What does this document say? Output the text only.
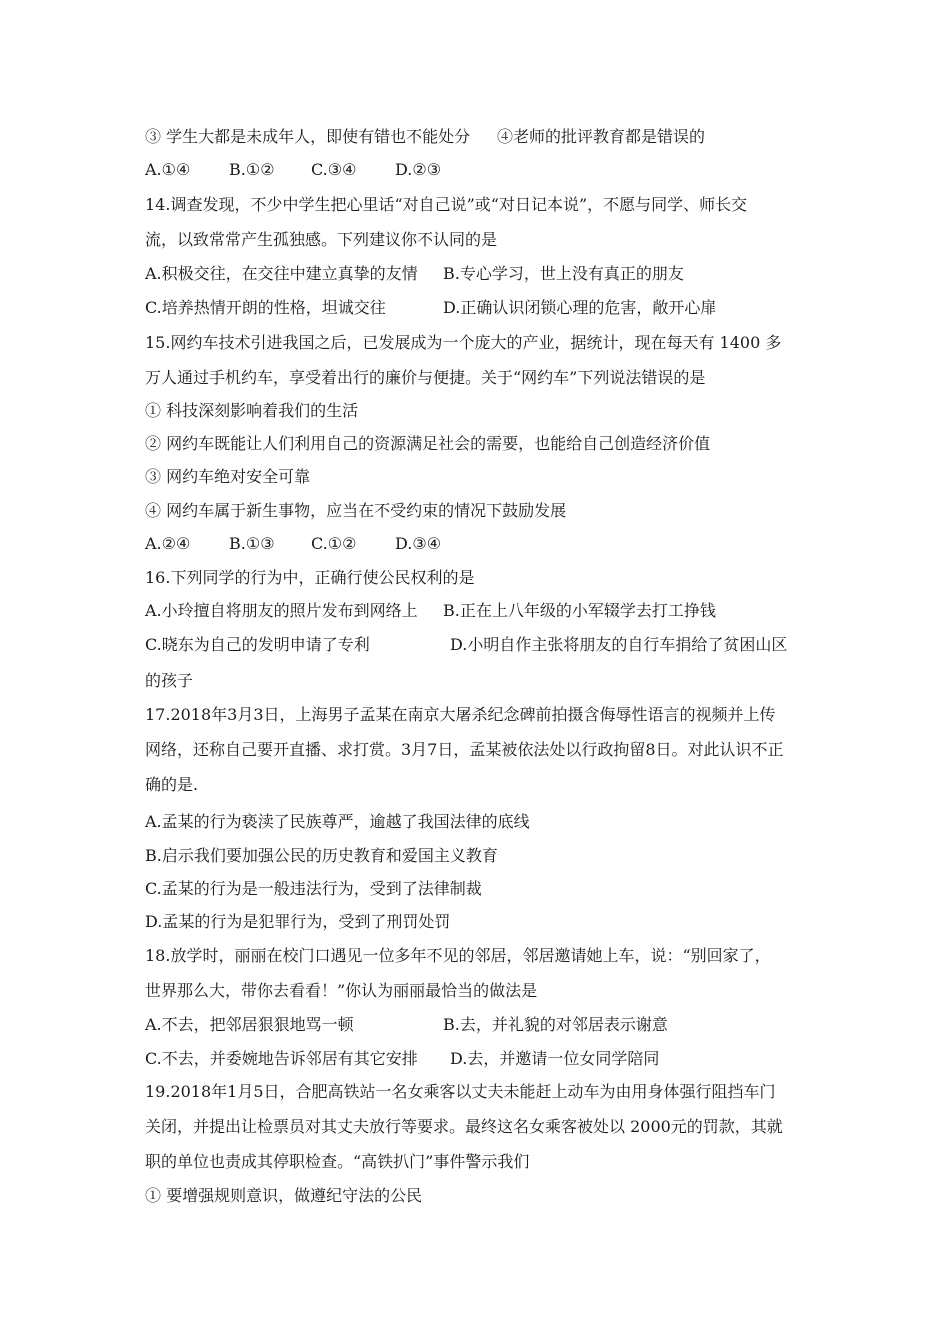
③ 学生大都是未成年人，即使有错也不能处分 ④老师的批评教育都是错误的
A.①④ B.①② C.③④ D.②③
14.调查发现，不少中学生把心里话“对自己说”或“对日记本说”，不愿与同学、师长交
流，以致常常产生孤独感。下列建议你不认同的是
A.积极交往，在交往中建立真挚的友情 B.专心学习，世上没有真正的朋友
C.培养热情开朗的性格，坦诚交往	D.正确认识闭锁心理的危害，敞开心扉
15.网约车技术引进我国之后，已发展成为一个庞大的产业，据统计，现在每天有 1400 多
万人通过手机约车，享受着出行的廉价与便捷。关于“网约车”下列说法错误的是
① 科技深刻影响着我们的生活
② 网约车既能让人们利用自己的资源满足社会的需要，也能给自己创造经济价值
③ 网约车绝对安全可靠
④ 网约车属于新生事物，应当在不受约束的情况下鼓励发展
A.②④ B.①③ C.①② D.③④
16.下列同学的行为中，正确行使公民权利的是
A.小玲擅自将朋友的照片发布到网络上 B.正在上八年级的小军辍学去打工挣钱
C.晓东为自己的发明申请了专利	D.小明自作主张将朋友的自行车捐给了贫困山区
的孩子
17.2018年3月3日，上海男子孟某在南京大屠杀纪念碑前拍摄含侮辱性语言的视频并上传
网络，还称自己要开直播、求打赏。3月7日，孟某被依法处以行政拘留8日。对此认识不正
确的是.
A.孟某的行为亵渎了民族尊严，逾越了我国法律的底线
B.启示我们要加强公民的历史教育和爱国主义教育
C.孟某的行为是一般违法行为，受到了法律制裁
D.孟某的行为是犯罪行为，受到了刑罚处罚
18.放学时，丽丽在校门口遇见一位多年不见的邻居，邻居邀请她上车，说：“别回家了，
世界那么大，带你去看看！”你认为丽丽最恰当的做法是
A.不去，把邻居狠狠地骂一顿	B.去，并礼貌的对邻居表示谢意
C.不去，并委婉地告诉邻居有其它安排 D.去，并邀请一位女同学陪同
19.2018年1月5日，合肥高铁站一名女乘客以丈夫未能赶上动车为由用身体强行阻挡车门
关闭，并提出让检票员对其丈夫放行等要求。最终这名女乘客被处以 2000元的罚款，其就
职的单位也责成其停职检查。“高铁扒门”事件警示我们
① 要增强规则意识，做遵纪守法的公民
